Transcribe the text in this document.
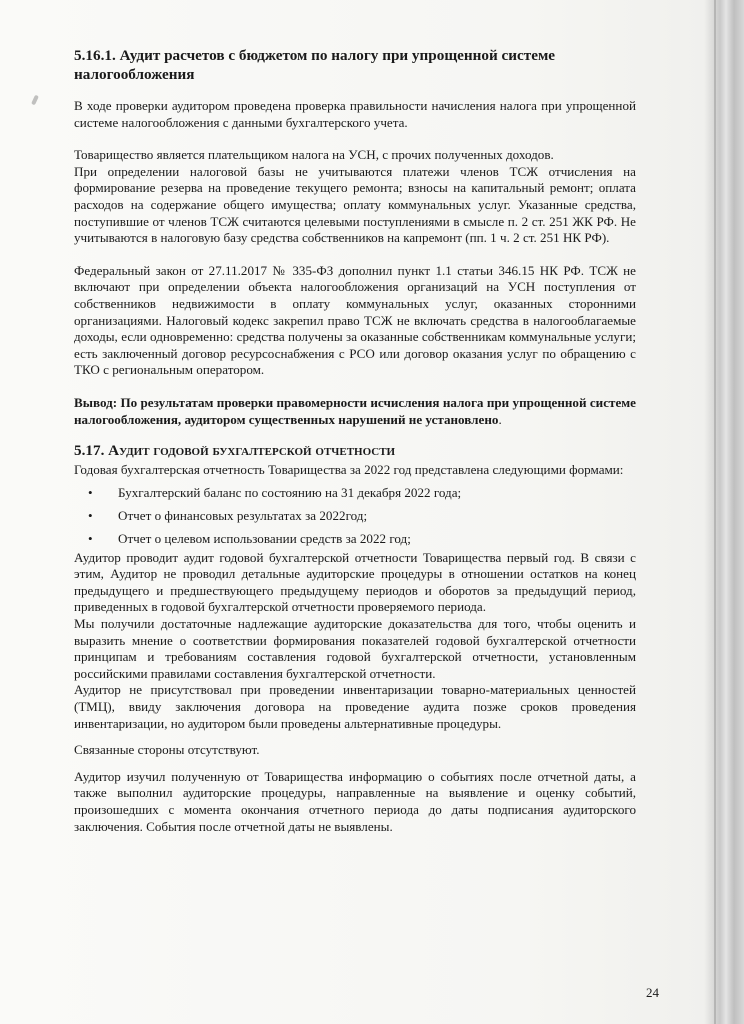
5.16.1. Аудит расчетов с бюджетом по налогу при упрощенной системе налогообложения

В ходе проверки аудитором проведена проверка правильности начисления налога при упрощенной системе налогообложения с данными бухгалтерского учета.

Товарищество является плательщиком налога на УСН, с прочих полученных доходов.

При определении налоговой базы не учитываются платежи членов ТСЖ отчисления на формирование резерва на проведение текущего ремонта; взносы на капитальный ремонт; оплата расходов на содержание общего имущества; оплату коммунальных услуг. Указанные средства, поступившие от членов ТСЖ считаются целевыми поступлениями в смысле п. 2 ст. 251 ЖК РФ. Не учитываются в налоговую базу средства собственников на капремонт (пп. 1 ч. 2 ст. 251 НК РФ).

Федеральный закон от 27.11.2017 № 335-ФЗ дополнил пункт 1.1 статьи 346.15 НК РФ. ТСЖ не включают при определении объекта налогообложения организаций на УСН поступления от собственников недвижимости в оплату коммунальных услуг, оказанных сторонними организациями. Налоговый кодекс закрепил право ТСЖ не включать средства в налогооблагаемые доходы, если одновременно: средства получены за оказанные собственникам коммунальные услуги; есть заключенный договор ресурсоснабжения с РСО или договор оказания услуг по обращению с ТКО с региональным оператором.

Вывод: По результатам проверки правомерности исчисления налога при упрощенной системе налогообложения, аудитором существенных нарушений не установлено.

5.17. Аудит годовой бухгалтерской отчетности

Годовая бухгалтерская отчетность Товарищества за 2022 год представлена следующими формами:

• Бухгалтерский баланс по состоянию на 31 декабря 2022 года;
• Отчет о финансовых результатах за 2022год;
• Отчет о целевом использовании средств за 2022 год;

Аудитор проводит аудит годовой бухгалтерской отчетности Товарищества первый год. В связи с этим, Аудитор не проводил детальные аудиторские процедуры в отношении остатков на конец предыдущего и предшествующего предыдущему периодов и оборотов за предыдущий период, приведенных в годовой бухгалтерской отчетности проверяемого периода.

Мы получили достаточные надлежащие аудиторские доказательства для того, чтобы оценить и выразить мнение о соответствии формирования показателей годовой бухгалтерской отчетности принципам и требованиям составления годовой бухгалтерской отчетности, установленным российскими правилами составления бухгалтерской отчетности.

Аудитор не присутствовал при проведении инвентаризации товарно-материальных ценностей (ТМЦ), ввиду заключения договора на проведение аудита позже сроков проведения инвентаризации, но аудитором были проведены альтернативные процедуры.

Связанные стороны отсутствуют.

Аудитор изучил полученную от Товарищества информацию о событиях после отчетной даты, а также выполнил аудиторские процедуры, направленные на выявление и оценку событий, произошедших с момента окончания отчетного периода до даты подписания аудиторского заключения. События после отчетной даты не выявлены.

24
